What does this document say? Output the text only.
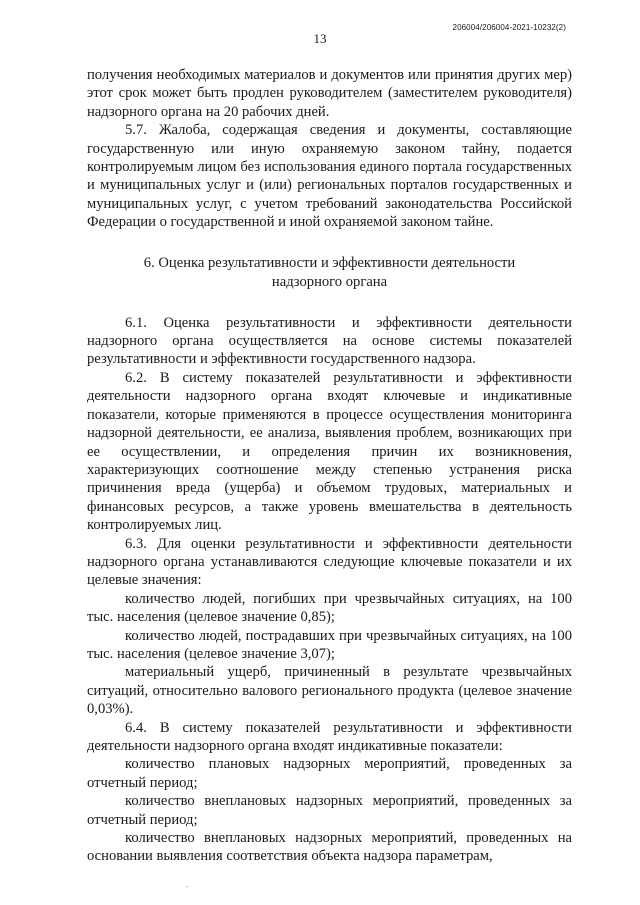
206004/206004-2021-10232(2)
13

получения необходимых материалов и документов или принятия других мер) этот срок может быть продлен руководителем (заместителем руководителя) надзорного органа на 20 рабочих дней.

5.7. Жалоба, содержащая сведения и документы, составляющие государственную или иную охраняемую законом тайну, подается контролируемым лицом без использования единого портала государственных и муниципальных услуг и (или) региональных порталов государственных и муниципальных услуг, с учетом требований законодательства Российской Федерации о государственной и иной охраняемой законом тайне.

6. Оценка результативности и эффективности деятельности
надзорного органа

6.1. Оценка результативности и эффективности деятельности надзорного органа осуществляется на основе системы показателей результативности и эффективности государственного надзора.

6.2. В систему показателей результативности и эффективности деятельности надзорного органа входят ключевые и индикативные показатели, которые применяются в процессе осуществления мониторинга надзорной деятельности, ее анализа, выявления проблем, возникающих при ее осуществлении, и определения причин их возникновения, характеризующих соотношение между степенью устранения риска причинения вреда (ущерба) и объемом трудовых, материальных и финансовых ресурсов, а также уровень вмешательства в деятельность контролируемых лиц.

6.3. Для оценки результативности и эффективности деятельности надзорного органа устанавливаются следующие ключевые показатели и их целевые значения:

количество людей, погибших при чрезвычайных ситуациях, на 100 тыс. населения (целевое значение 0,85);

количество людей, пострадавших при чрезвычайных ситуациях, на 100 тыс. населения (целевое значение 3,07);

материальный ущерб, причиненный в результате чрезвычайных ситуаций, относительно валового регионального продукта (целевое значение 0,03%).

6.4. В систему показателей результативности и эффективности деятельности надзорного органа входят индикативные показатели:

количество плановых надзорных мероприятий, проведенных за отчетный период;

количество внеплановых надзорных мероприятий, проведенных за отчетный период;

количество внеплановых надзорных мероприятий, проведенных на основании выявления соответствия объекта надзора параметрам,
